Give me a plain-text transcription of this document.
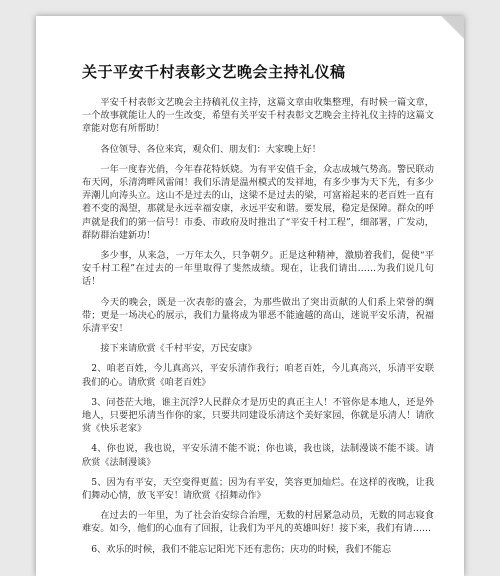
关于平安千村表彰文艺晚会主持礼仪稿

平安千村表彰文艺晚会主持稿礼仪主持，这篇文章由收集整理，有时候一篇文章，一个故事就能让人的一生改变，希望有关平安千村表彰文艺晚会主持礼仪主持的这篇文章能对您有所帮助！

各位领导、各位来宾，观众们、朋友们：大家晚上好！

一年一度春光俏，今年春花特妖娆。为有平安值千金，众志成城气势高。警民联动布天网，乐清湾畔风雷闹！我们乐清是温州模式的发祥地，有多少事为天下先，有多少弄潮儿向涛头立。这山不是过去的山，这梁不是过去的梁，可富裕起来的老百姓一直有着不变的渴望，那就是永远幸福安康，永远平安和谐。要发展，稳定是保障。群众的呼声就是我们的第一信号！市委、市政府及时推出了“平安千村工程”，细部署，广发动，群防群治建新功！

多少事，从来急，一万年太久，只争朝夕。正是这种精神，激励着我们，促使“平安千村工程”在过去的一年里取得了斐然成绩。现在，让我们请出……为我们说几句话！

今天的晚会，既是一次表彰的盛会，为那些做出了突出贡献的人们系上荣誉的绸带；更是一场决心的展示，我们力量将成为罪恶不能逾越的高山，迷说平安乐清，祝福乐清平安！

接下来请欣赏《千村平安，万民安康》

2、咱老百姓，今儿真高兴，平安乐清作我行；咱老百姓，今儿真高兴，乐清平安联我们的心。请欣赏《咱老百姓》

3、问苍茫大地，谁主沉浮?人民群众才是历史的真正主人！不管你是本地人，还是外地人，只要把乐清当作你的家，只要共同建设乐清这个美好家园，你就是乐清人！请欣赏《快乐老家》

4、你也说，我也说，平安乐清不能不说；你也谈，我也谈，法制漫谈不能不谈。请欣赏《法制漫谈》

5、因为有平安，天空变得更蓝；因为有平安，笑容更加灿烂。在这样的夜晚，让我们舞动心情，放飞平安！请欣赏《招舞动作》

在过去的一年里，为了社会治安综合治理，无数的村居紧急动员，无数的同志寝食难安。如今，他们的心血有了回报，让我们为平凡的英雄叫好！接下来，我们有请……

6、欢乐的时候，我们不能忘记阳光下还有悲伤；庆功的时候，我们不能忘
